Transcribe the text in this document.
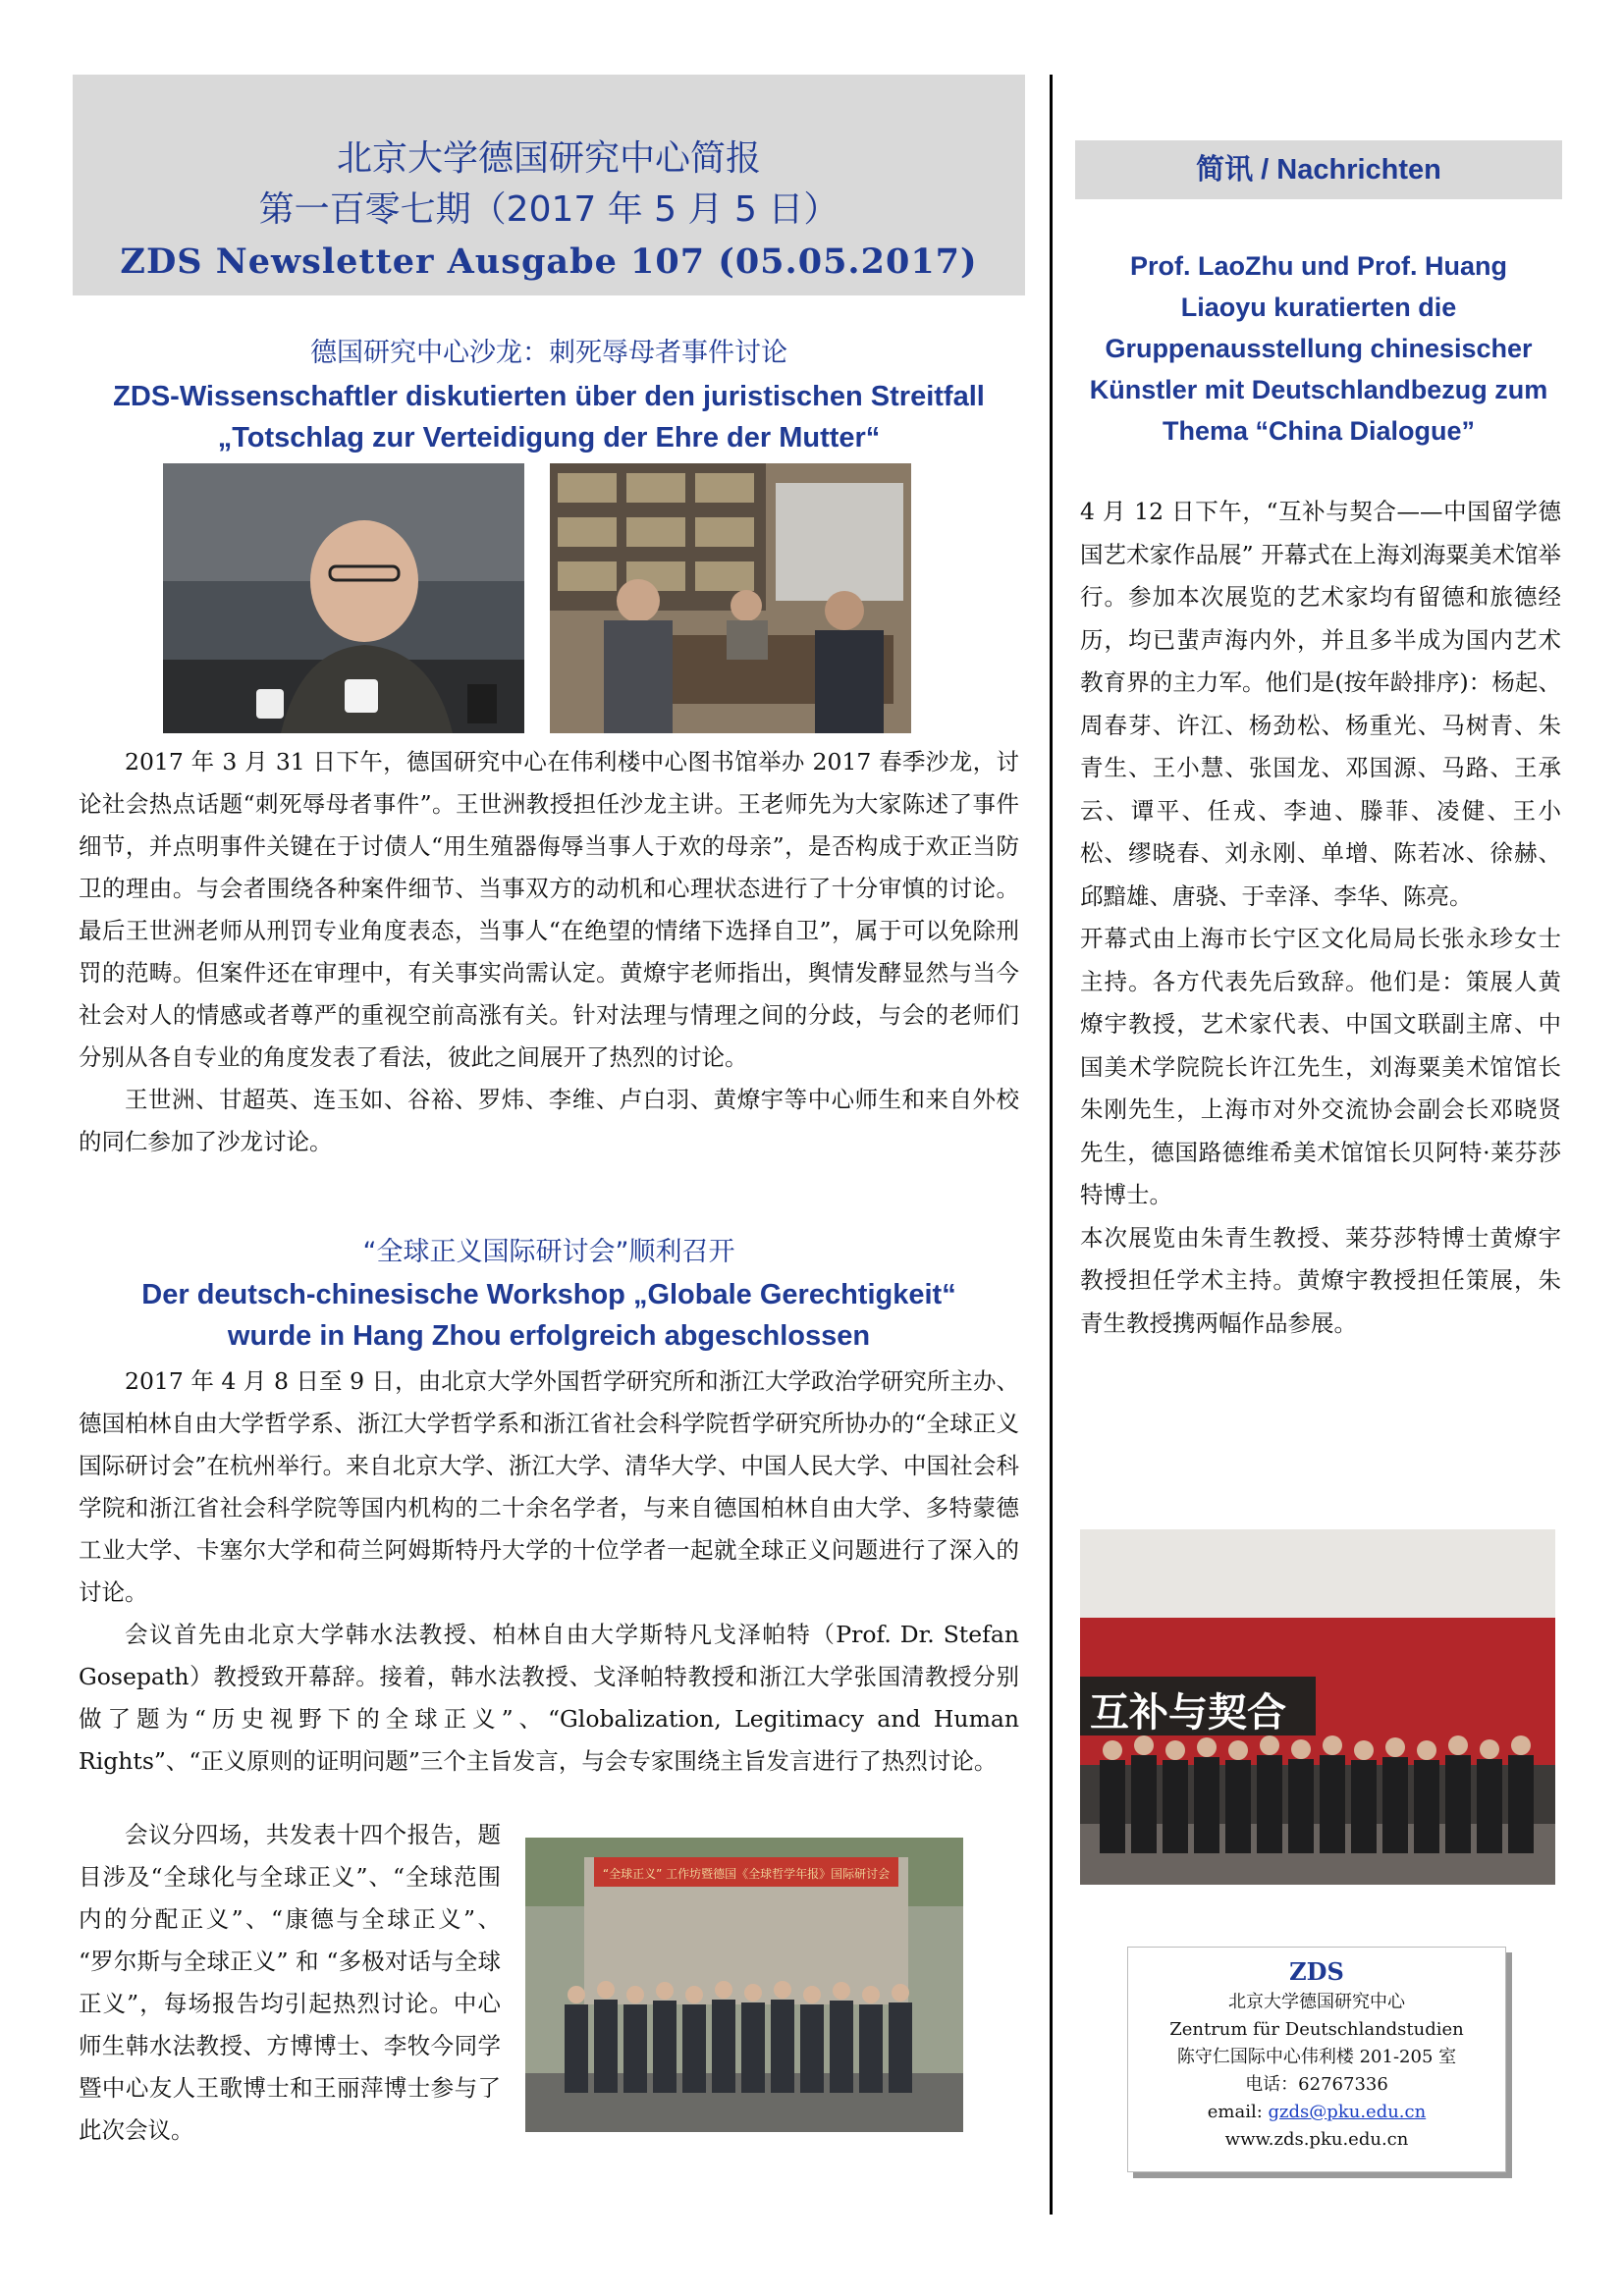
北京大学德国研究中心简报
第一百零七期（2017 年 5 月 5 日）
ZDS Newsletter Ausgabe 107 (05.05.2017)
德国研究中心沙龙：刺死辱母者事件讨论
ZDS-Wissenschaftler diskutierten über den juristischen Streitfall
„Totschlag zur Verteidigung der Ehre der Mutter“

2017 年 3 月 31 日下午，德国研究中心在伟利楼中心图书馆举办 2017 春季沙龙，讨论社会热点话题“刺死辱母者事件”。王世洲教授担任沙龙主讲。王老师先为大家陈述了事件细节，并点明事件关键在于讨债人“用生殖器侮辱当事人于欢的母亲”，是否构成于欢正当防卫的理由。与会者围绕各种案件细节、当事双方的动机和心理状态进行了十分审慎的讨论。最后王世洲老师从刑罚专业角度表态，当事人“在绝望的情绪下选择自卫”，属于可以免除刑罚的范畴。但案件还在审理中，有关事实尚需认定。黄燎宇老师指出，舆情发酵显然与当今社会对人的情感或者尊严的重视空前高涨有关。针对法理与情理之间的分歧，与会的老师们分别从各自专业的角度发表了看法，彼此之间展开了热烈的讨论。

王世洲、甘超英、连玉如、谷裕、罗炜、李维、卢白羽、黄燎宇等中心师生和来自外校的同仁参加了沙龙讨论。

“全球正义国际研讨会”顺利召开
Der deutsch-chinesische Workshop „Globale Gerechtigkeit“
wurde in Hang Zhou erfolgreich abgeschlossen

2017 年 4 月 8 日至 9 日，由北京大学外国哲学研究所和浙江大学政治学研究所主办、德国柏林自由大学哲学系、浙江大学哲学系和浙江省社会科学院哲学研究所协办的“全球正义国际研讨会”在杭州举行。来自北京大学、浙江大学、清华大学、中国人民大学、中国社会科学院和浙江省社会科学院等国内机构的二十余名学者，与来自德国柏林自由大学、多特蒙德工业大学、卡塞尔大学和荷兰阿姆斯特丹大学的十位学者一起就全球正义问题进行了深入的讨论。

会议首先由北京大学韩水法教授、柏林自由大学斯特凡戈泽帕特（Prof. Dr. Stefan Gosepath）教授致开幕辞。接着，韩水法教授、戈泽帕特教授和浙江大学张国清教授分别做了题为“历史视野下的全球正义”、“Globalization, Legitimacy and Human Rights”、“正义原则的证明问题”三个主旨发言，与会专家围绕主旨发言进行了热烈讨论。

会议分四场，共发表十四个报告，题目涉及“全球化与全球正义”、“全球范围内的分配正义”、“康德与全球正义”、 “罗尔斯与全球正义” 和 “多极对话与全球正义”，每场报告均引起热烈讨论。中心师生韩水法教授、方博博士、李牧今同学暨中心友人王歌博士和王丽萍博士参与了此次会议。

“全球正义” 工作坊暨德国《全球哲学年报》国际研讨会
简讯 / Nachrichten
Prof. LaoZhu und Prof. Huang
Liaoyu kuratierten die
Gruppenausstellung chinesischer
Künstler mit Deutschlandbezug zum
Thema “China Dialogue”

4 月 12 日下午，“互补与契合——中国留学德国艺术家作品展” 开幕式在上海刘海粟美术馆举行。参加本次展览的艺术家均有留德和旅德经历，均已蜚声海内外，并且多半成为国内艺术教育界的主力军。他们是(按年龄排序)：杨起、周春芽、许江、杨劲松、杨重光、马树青、朱青生、王小慧、张国龙、邓国源、马路、王承云、谭平、任戎、李迪、滕菲、凌健、王小松、缪晓春、刘永刚、单增、陈若冰、徐赫、邱黯雄、唐骁、于幸泽、李华、陈亮。

开幕式由上海市长宁区文化局局长张永珍女士主持。各方代表先后致辞。他们是：策展人黄燎宇教授，艺术家代表、中国文联副主席、中国美术学院院长许江先生，刘海粟美术馆馆长朱刚先生，上海市对外交流协会副会长邓晓贤先生，德国路德维希美术馆馆长贝阿特·莱芬莎特博士。

本次展览由朱青生教授、莱芬莎特博士黄燎宇教授担任学术主持。黄燎宇教授担任策展，朱青生教授携两幅作品参展。

互补与契合
ZDS
北京大学德国研究中心
Zentrum für Deutschlandstudien
陈守仁国际中心伟利楼 201-205 室
电话：62767336
email: gzds@pku.edu.cn
www.zds.pku.edu.cn
